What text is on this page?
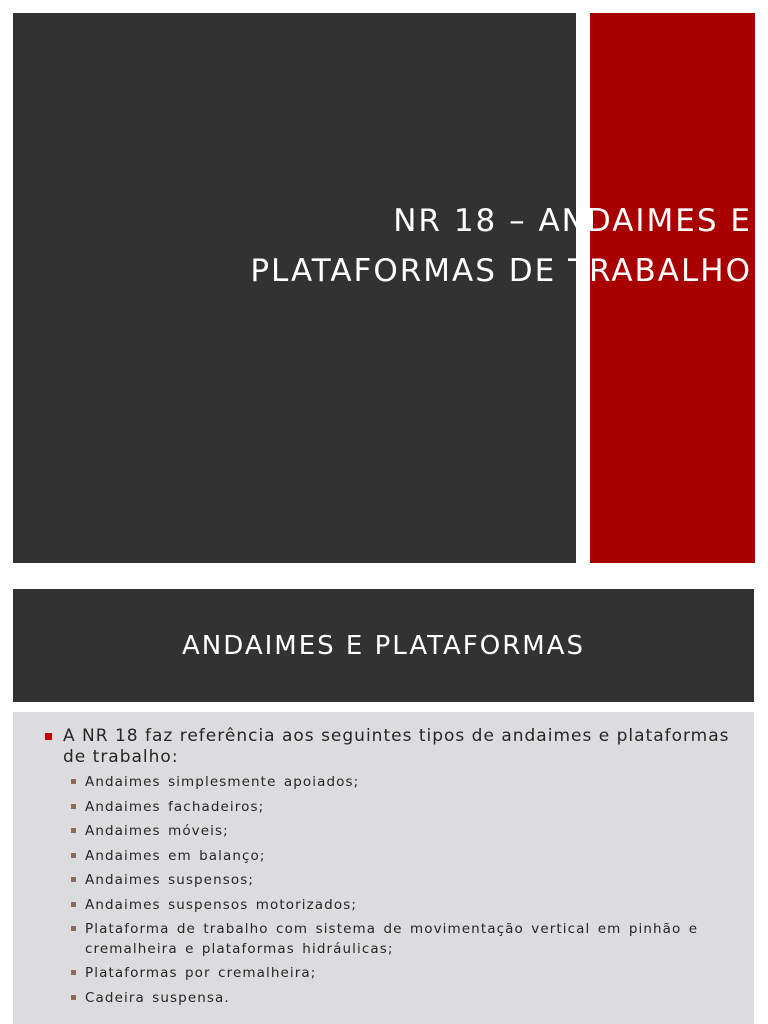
NR 18 – ANDAIMES E
PLATAFORMAS DE TRABALHO
ANDAIMES E PLATAFORMAS
A NR 18 faz referência aos seguintes tipos de andaimes e plataformas de trabalho:
Andaimes simplesmente apoiados;
Andaimes fachadeiros;
Andaimes móveis;
Andaimes em balanço;
Andaimes suspensos;
Andaimes suspensos motorizados;
Plataforma de trabalho com sistema de movimentação vertical em pinhão e cremalheira e plataformas hidráulicas;
Plataformas por cremalheira;
Cadeira suspensa.
